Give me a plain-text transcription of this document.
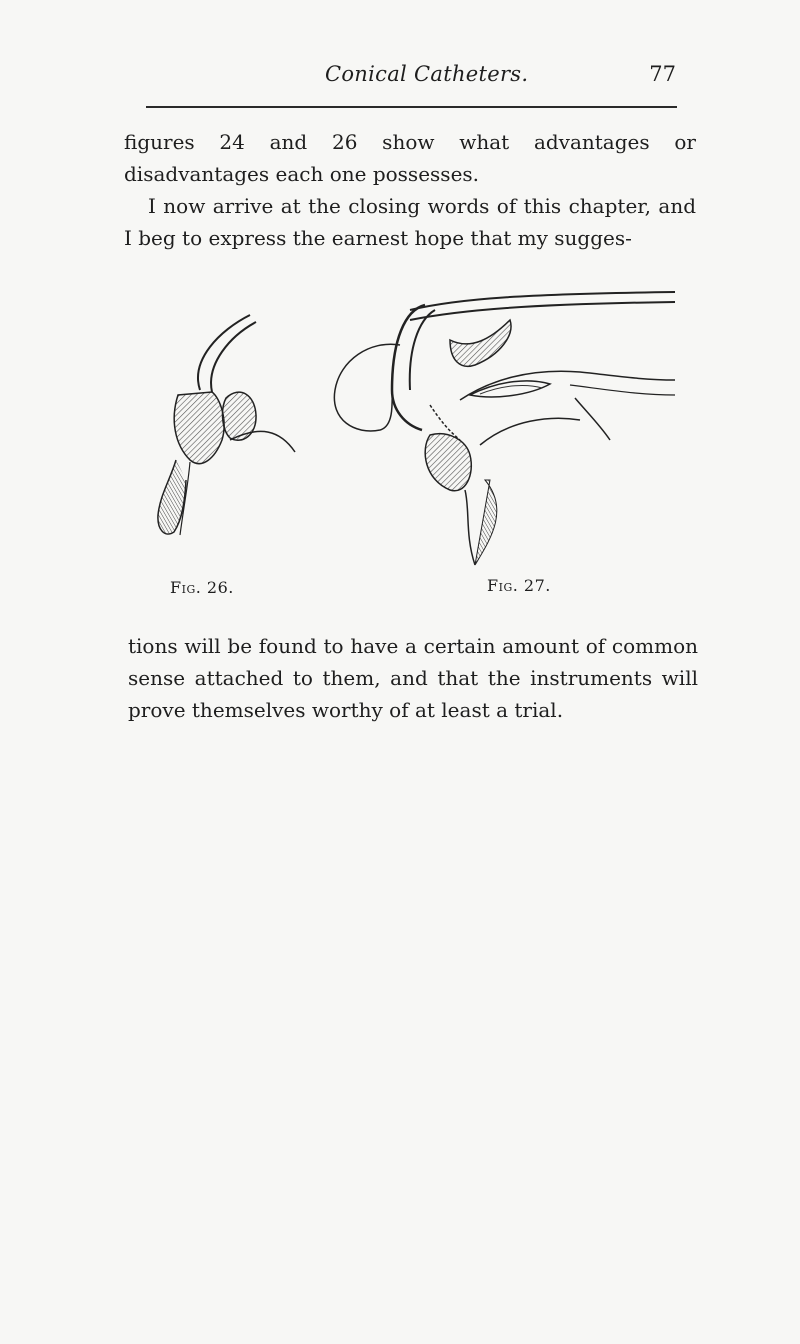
Conical Catheters.	77

figures 24 and 26 show what advantages or disadvantages each one possesses.

I now arrive at the closing words of this chapter, and I beg to express the earnest hope that my sugges-

Fig. 26.	Fig. 27.

tions will be found to have a certain amount of common sense attached to them, and that the instruments will prove themselves worthy of at least a trial.
